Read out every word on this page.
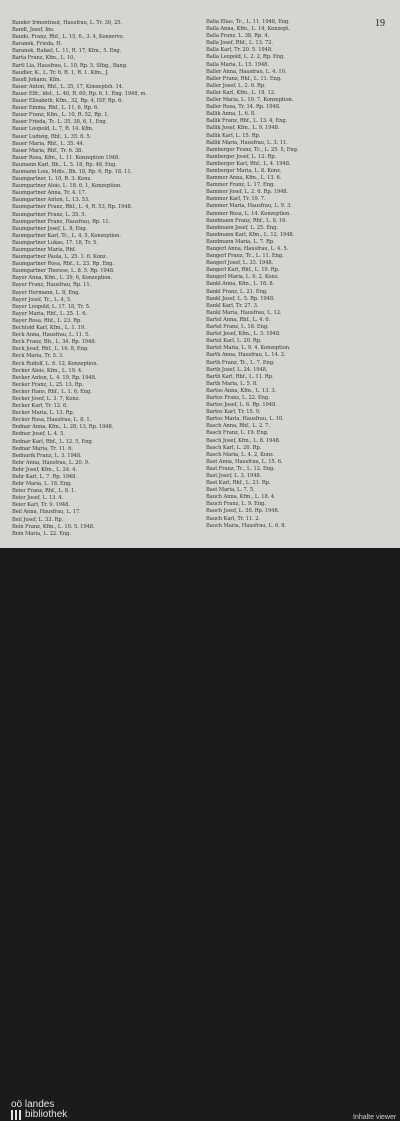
19
Bander Irmentraut, Hausfrau, L. Tr. 39, 25.
Bandl, Josef, Ins.
Bando, Franz, Rhf., L. 15, 6., 3. 4, Konzervo.
Baranek, Frieda, H.
Baranek, Rafael, L. 11, R. 17, Kfm., 5. Eng.
Barta Franz, Kfm., L. 10,
Bartl Lia, Hausfrau, L. 10, Rp. 5, Stbg., Bang.
Baudler, K., L. Tr. 6, R. 1, R. 1. Kfm., J.
Baudl Johann, Kfm.
Bauer Anton, Rhf., L. 35, 17, Konzeptsh. 14.
Bauer Elfr., ldst., L. 40, R. 60, Rp. 6, 1. Eng. 1948, m.
Bauer Elisabeth, Kfm., 32, Rp. 4, ISF, Rp. 6.
Bauer Emma, Rhf., L. 11, 6, Rp. 6.
Bauer Franz, Kfm., L. 10, R. 52, Rp. 1.
Bauer Frieda, Tc. L. 35, 38, 6, 1, Eng.
Bauer Leopold, L. 7, R. 14. Kfm.
Bauer Ludwig, Rhf., L. 35. 6. 5.
Bauer Maria, Rhf., L. 35. 44.
Bauer Maria, Rhf., Tr. 6. 38.
Bauer Rosa, Kfm., L. 11. Konzeption 1948.
Baumann Karl, Bh., L. 5. 18, Rp. 48, Eng.
Baumann Lois, Mdls., Bh. 18, Rp. 6, Rp. 18. 11.
Baumgartner, L. 10, R. 3. Konz.
Baumgartner Alois, L. 18. 6, 1, Konzeption.
Baumgartner Anna, Tr. 4. 17.
Baumgartner Anton, L. 13. 53.
Baumgartner Franz, Rhf., L. 4, R. 53, Rp. 1948.
Baumgartner Franz, L. 35. 5.
Baumgartner Franz, Hausfrau, Rp. 11.
Baumgartner Josef, L. 8, Eng.
Baumgartner Karl, Tc., L. 4, 5, Konzeption.
Baumgartner Lukas, 17. 18, Tr. 5.
Baumgartner Maria, Rhf.
Baumgartner Paula, L. 25. 1. 6. Konz.
Baumgartner Rosa, Rhf., L. 23. Rp. Eng.
Baumgartner Therese, L. 8. 5. Rp. 1948.
Bayer Anna, Kfm., L. 29, 6, Konzeption.
Bayer Franz, Hausfrau, Rp. 11.
Bayer Hermann, L. 8, Eng.
Bayer Josef, Tc., L. 4, 5.
Bayer Leopold, L. 17. 18, Tr. 5.
Bayer Maria, Rhf., L. 25. 1. 6.
Bayer Rosa, Rhf., L. 23. Rp.
Bechtold Karl, Kfm., L. 1. 19.
Beck Anna, Hausfrau, L. 11. 5.
Beck Franz, Bh., L. 34. Rp. 1948.
Beck Josef, Rhf., L. 16. 8, Eng.
Beck Maria, Tr. 5. 3.
Beck Rudolf, L. 6. 12, Konzeption.
Becker Alois, Kfm., L. 19. 4.
Becker Anton, L. 4. 19, Rp. 1948.
Becker Franz, L. 25. 13. Rp.
Becker Hans, Rhf., L. 1. 6. Eng.
Becker Josef, L. 3. 7, Konz.
Becker Karl, Tr. 12. 6.
Becker Maria, L. 13. Rp.
Becker Rosa, Hausfrau, L. 8. 1.
Bednar Anna, Kfm., L. 28, 13, Rp. 1948.
Bednar Josef, L. 4. 5.
Bednar Karl, Rhf., L. 12. 5, Eng.
Bednar Maria, Tr. 11. 6.
Bednarik Franz, L. 3. 1948.
Behr Anna, Hausfrau, L. 20. 9.
Behr Josef, Kfm., L. 24. 4.
Behr Karl, L. 7. Rp. 1948.
Behr Maria, L. 18. Eng.
Beier Franz, Rhf., L. 8. 1.
Beier Josef, L. 13. 4.
Beier Karl, Tr. 9. 1948.
Beil Anna, Hausfrau, L. 17.
Beil Josef, L. 33. Rp.
Bein Franz, Kfm., L. 10. 5. 1948.
Bein Maria, L. 22. Eng.
Balia Elias, Tc., L. 11. 1948, Eng.
Balla Anna, Kfm., L. 14, Konzept.
Balla Franz, L. 38, Rp. 4.
Balla Josef, Rhf., L. 13. 72.
Balla Karl, Tr. 20. 5. 1948.
Balla Leopold, L. 2. 2, Rp. Eng.
Balla Maria, L. 15. 1948.
Baller Anna, Hausfrau, L. 4. 10.
Baller Franz, Rhf., L. 11. Eng.
Baller Josef, L. 2. 6. Rp.
Baller Karl, Kfm., L. 18. 12.
Baller Maria, L. 10. 7, Konzeption.
Baller Rosa, Tr. 14. Rp. 1948.
Ballik Anna, L. 6. 8.
Ballik Franz, Rhf., L. 13. 4, Eng.
Ballik Josef, Kfm., L. 9. 1948.
Ballik Karl, L. 15. Rp.
Ballik Maria, Hausfrau, L. 3. 11.
Bamberger Franz, Tc., L. 25. 5, Eng.
Bamberger Josef, L. 12. Rp.
Bamberger Karl, Rhf., L. 4. 1948.
Bamberger Maria, L. 8. Konz.
Bammer Anna, Kfm., L. 13. 6.
Bammer Franz, L. 17. Eng.
Bammer Josef, L. 2. 6. Rp. 1948.
Bammer Karl, Tr. 19. 7.
Bammer Maria, Hausfrau, L. 9. 3.
Bammer Rosa, L. 14. Konzeption.
Bandmann Franz, Rhf., L. 8. 16.
Bandmann Josef, L. 25. Eng.
Bandmann Karl, Kfm., L. 12. 1948.
Bandmann Maria, L. 7. Rp.
Bangerl Anna, Hausfrau, L. 4. 5.
Bangerl Franz, Tc., L. 11. Eng.
Bangerl Josef, L. 33. 1948.
Bangerl Karl, Rhf., L. 19. Rp.
Bangerl Maria, L. 6. 2, Konz.
Bankl Anna, Kfm., L. 16. 8.
Bankl Franz, L. 21. Eng.
Bankl Josef, L. 5. Rp. 1948.
Bankl Karl, Tr. 27. 3.
Bankl Maria, Hausfrau, L. 12.
Bartel Anna, Rhf., L. 4. 6.
Bartel Franz, L. 18. Eng.
Bartel Josef, Kfm., L. 3. 1948.
Bartel Karl, L. 20. Rp.
Bartel Maria, L. 9. 4, Konzeption.
Barth Anna, Hausfrau, L. 14. 2.
Barth Franz, Tc., L. 7. Eng.
Barth Josef, L. 24. 1948.
Barth Karl, Rhf., L. 11. Rp.
Barth Maria, L. 5. 8.
Bartos Anna, Kfm., L. 13. 3.
Bartos Franz, L. 22. Eng.
Bartos Josef, L. 6. Rp. 1948.
Bartos Karl, Tr. 15. 9.
Bartos Maria, Hausfrau, L. 10.
Basch Anna, Rhf., L. 2. 7.
Basch Franz, L. 19. Eng.
Basch Josef, Kfm., L. 8. 1948.
Basch Karl, L. 26. Rp.
Basch Maria, L. 4. 2, Konz.
Bast Anna, Hausfrau, L. 15. 6.
Bast Franz, Tc., L. 12. Eng.
Bast Josef, L. 3. 1948.
Bast Karl, Rhf., L. 21. Rp.
Bast Maria, L. 7. 5.
Bauch Anna, Kfm., L. 18. 4.
Bauch Franz, L. 9. Eng.
Bauch Josef, L. 30. Rp. 1948.
Bauch Karl, Tr. 11. 2.
Bauch Maria, Hausfrau, L. 6. 8.
oö landes
bibliothek	Inhalte viewer
